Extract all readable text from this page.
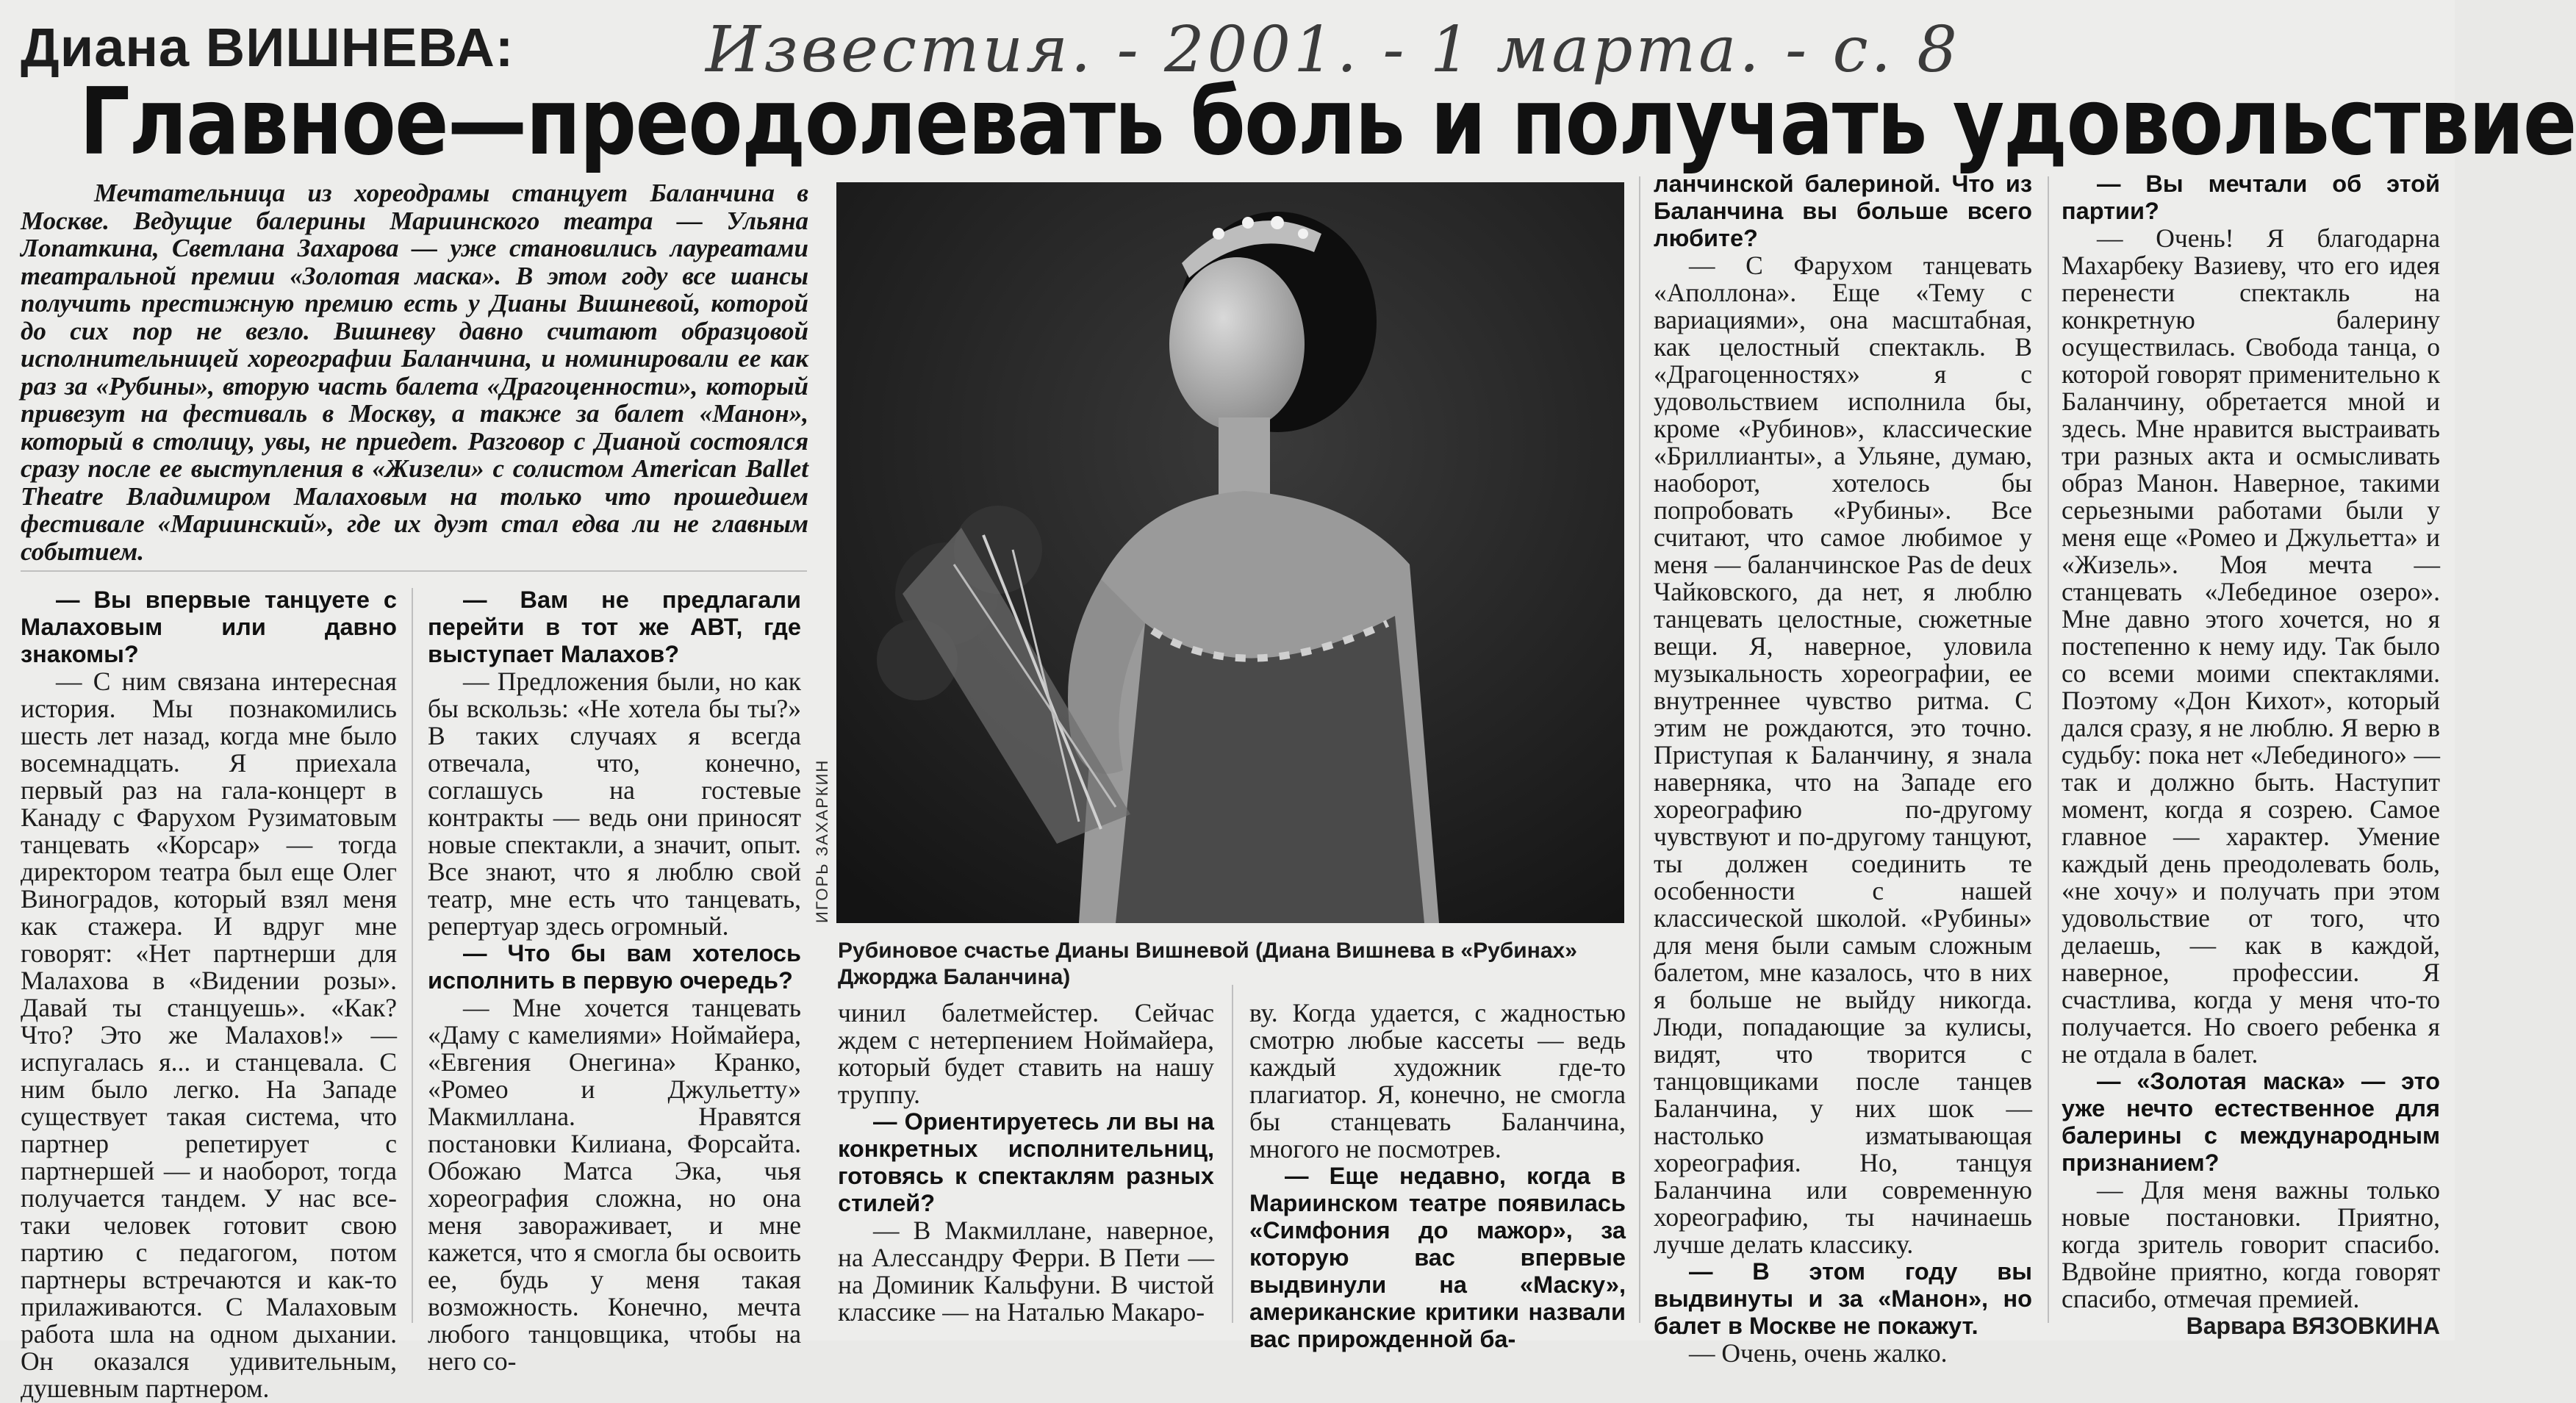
Диана ВИШНЕВА:	Известия. - 2001. - 1 марта. - с. 8
Главное—преодолевать боль и получать удовольствие

Мечтательница из хореодрамы станцует Баланчина в Москве. Ведущие балерины Мариинского театра — Ульяна Лопаткина, Светлана Захарова — уже становились лауреатами театральной премии «Золотая маска». В этом году все шансы получить престижную премию есть у Дианы Вишневой, которой до сих пор не везло. Вишневу давно считают образцовой исполнительницей хореографии Баланчина, и номинировали ее как раз за «Рубины», вторую часть балета «Драгоценности», который привезут на фестиваль в Москву, а также за балет «Манон», который в столицу, увы, не приедет. Разговор с Дианой состоялся сразу после ее выступления в «Жизели» с солистом American Ballet Theatre Владимиром Малаховым на только что прошедшем фестивале «Мариинский», где их дуэт стал едва ли не главным событием.

ИГОРЬ ЗАХАРКИН
Рубиновое счастье Дианы Вишневой (Диана Вишнева в «Рубинах» Джорджа Баланчина)

— Вы впервые танцуете с Малаховым или давно знакомы?

— С ним связана интересная история. Мы познакомились шесть лет назад, когда мне было восемнадцать. Я приехала первый раз на гала-концерт в Канаду с Фарухом Рузиматовым танцевать «Корсар» — тогда директором театра был еще Олег Виноградов, который взял меня как стажера. И вдруг мне говорят: «Нет партнерши для Малахова в «Видении розы». Давай ты станцуешь». «Как? Что? Это же Малахов!» — испугалась я... и станцевала. С ним было легко. На Западе существует такая система, что партнер репетирует с партнершей — и наоборот, тогда получается тандем. У нас все-таки человек готовит свою партию с педагогом, потом партнеры встречаются и как-то прилаживаются. С Малаховым работа шла на одном дыхании. Он оказался удивительным, душевным партнером.

— Вам не предлагали перейти в тот же АВТ, где выступает Малахов?

— Предложения были, но как бы вскользь: «Не хотела бы ты?» В таких случаях я всегда отвечала, что, конечно, соглашусь на гостевые контракты — ведь они приносят новые спектакли, а значит, опыт. Все знают, что я люблю свой театр, мне есть что танцевать, репертуар здесь огромный.

— Что бы вам хотелось исполнить в первую очередь?

— Мне хочется танцевать «Даму с камелиями» Ноймайера, «Евгения Онегина» Кранко, «Ромео и Джульетту» Макмиллана. Нравятся постановки Килиана, Форсайта. Обожаю Матса Эка, чья хореография сложна, но она меня завораживает, и мне кажется, что я смогла бы освоить ее, будь у меня такая возможность. Конечно, мечта любого танцовщика, чтобы на него со-

чинил балетмейстер. Сейчас ждем с нетерпением Ноймайера, который будет ставить на нашу труппу.

— Ориентируетесь ли вы на конкретных исполнительниц, готовясь к спектаклям разных стилей?

— В Макмиллане, наверное, на Алессандру Ферри. В Пети — на Доминик Кальфуни. В чистой классике — на Наталью Макаро-

ву. Когда удается, с жадностью смотрю любые кассеты — ведь каждый художник где-то плагиатор. Я, конечно, не смогла бы станцевать Баланчина, многого не посмотрев.

— Еще недавно, когда в Мариинском театре появилась «Симфония до мажор», за которую вас впервые выдвинули на «Маску», американские критики назвали вас прирожденной ба-

ланчинской балериной. Что из Баланчина вы больше всего любите?

— С Фарухом танцевать «Аполлона». Еще «Тему с вариациями», она масштабная, как целостный спектакль. В «Драгоценностях» я с удовольствием исполнила бы, кроме «Рубинов», классические «Бриллианты», а Ульяне, думаю, наоборот, хотелось бы попробовать «Рубины». Все считают, что самое любимое у меня — баланчинское Pas de deux Чайковского, да нет, я люблю танцевать целостные, сюжетные вещи. Я, наверное, уловила музыкальность хореографии, ее внутреннее чувство ритма. С этим не рождаются, это точно. Приступая к Баланчину, я знала наверняка, что на Западе его хореографию по-другому чувствуют и по-другому танцуют, ты должен соединить те особенности с нашей классической школой. «Рубины» для меня были самым сложным балетом, мне казалось, что в них я больше не выйду никогда. Люди, попадающие за кулисы, видят, что творится с танцовщиками после танцев Баланчина, у них шок — настолько изматывающая хореография. Но, танцуя Баланчина или современную хореографию, ты начинаешь лучше делать классику.

— В этом году вы выдвинуты и за «Манон», но балет в Москве не покажут.

— Очень, очень жалко.

— Вы мечтали об этой партии?

— Очень! Я благодарна Махарбеку Вазиеву, что его идея перенести спектакль на конкретную балерину осуществилась. Свобода танца, о которой говорят применительно к Баланчину, обретается мной и здесь. Мне нравится выстраивать три разных акта и осмысливать образ Манон. Наверное, такими серьезными работами были у меня еще «Ромео и Джульетта» и «Жизель». Моя мечта — станцевать «Лебединое озеро». Мне давно этого хочется, но я постепенно к нему иду. Так было со всеми моими спектаклями. Поэтому «Дон Кихот», который дался сразу, я не люблю. Я верю в судьбу: пока нет «Лебединого» — так и должно быть. Наступит момент, когда я созрею. Самое главное — характер. Умение каждый день преодолевать боль, «не хочу» и получать при этом удовольствие от того, что делаешь, — как в каждой, наверное, профессии. Я счастлива, когда у меня что-то получается. Но своего ребенка я не отдала в балет.

— «Золотая маска» — это уже нечто естественное для балерины с международным признанием?

— Для меня важны только новые постановки. Приятно, когда зритель говорит спасибо. Вдвойне приятно, когда говорят спасибо, отмечая премией.

Варвара ВЯЗОВКИНА
